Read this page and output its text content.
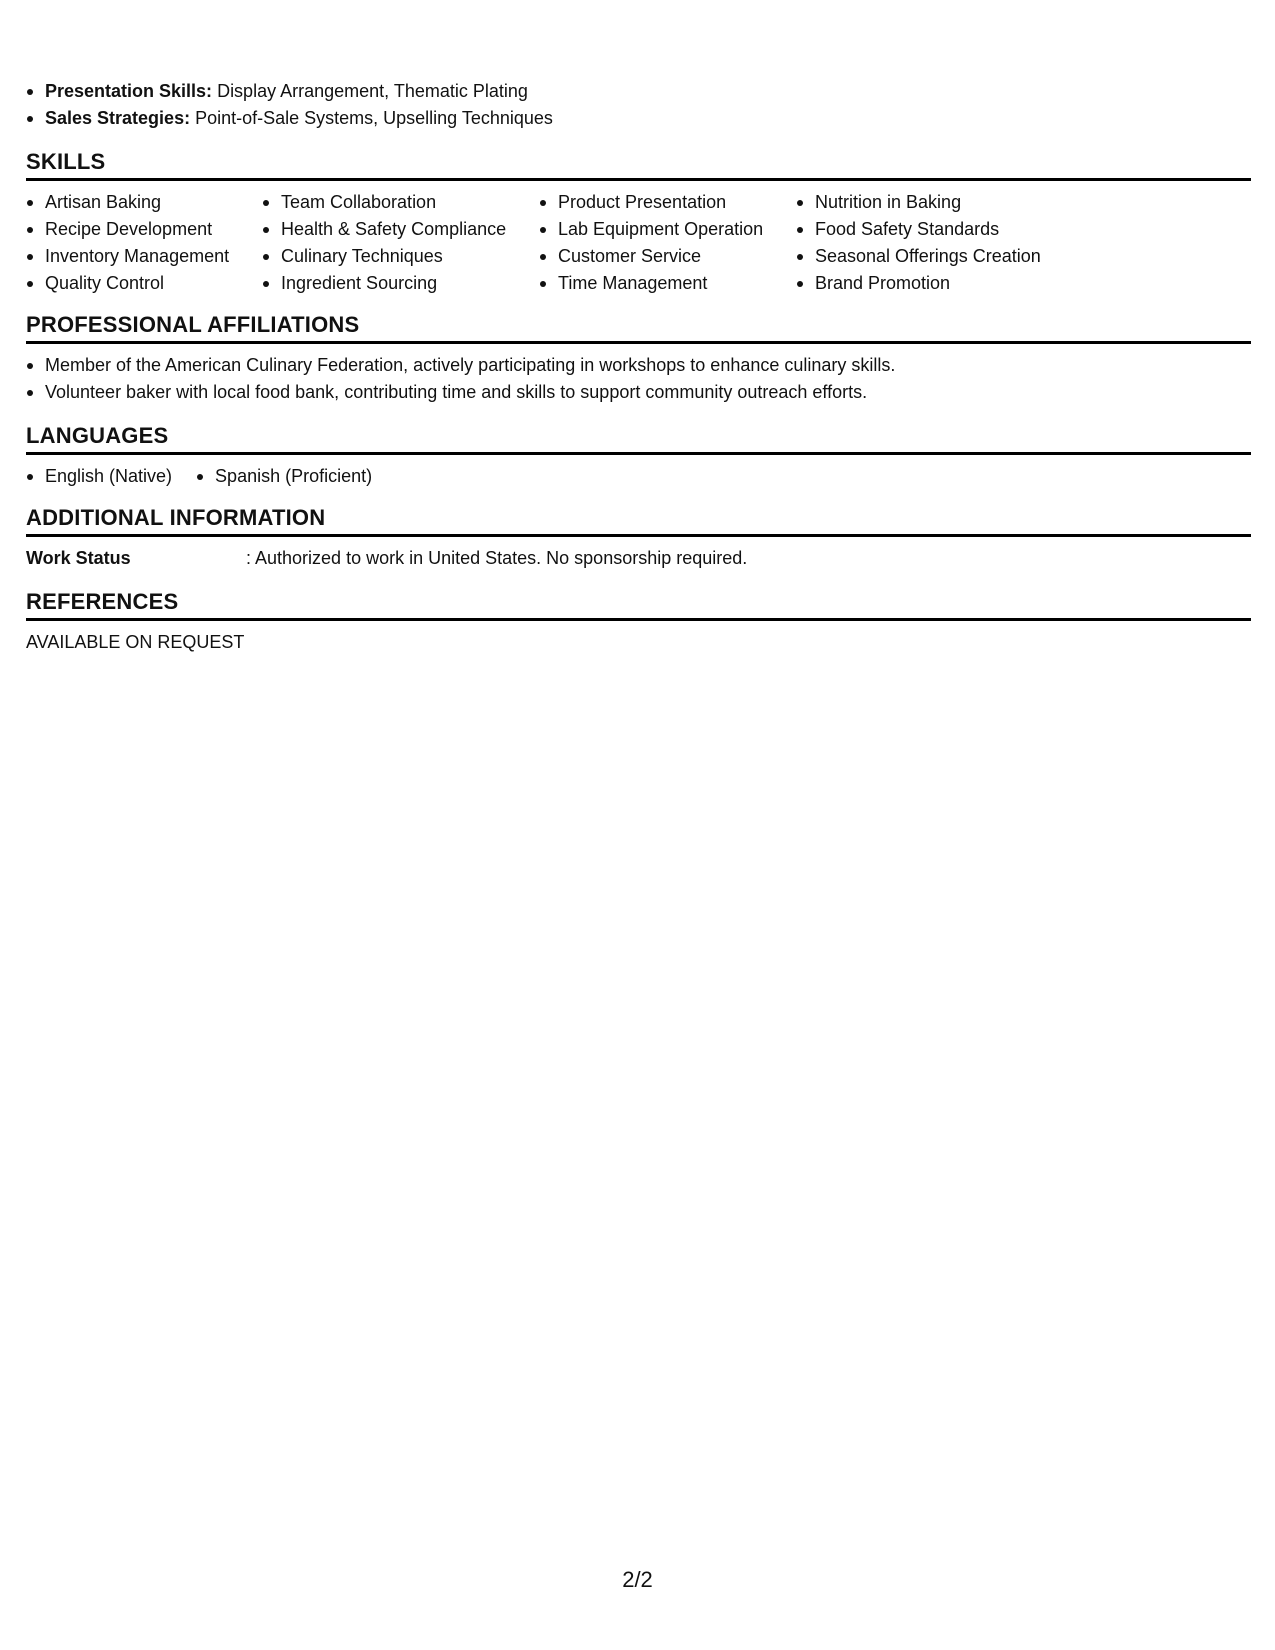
Presentation Skills: Display Arrangement, Thematic Plating
Sales Strategies: Point-of-Sale Systems, Upselling Techniques
SKILLS
Artisan Baking
Recipe Development
Inventory Management
Quality Control
Team Collaboration
Health & Safety Compliance
Culinary Techniques
Ingredient Sourcing
Product Presentation
Lab Equipment Operation
Customer Service
Time Management
Nutrition in Baking
Food Safety Standards
Seasonal Offerings Creation
Brand Promotion
PROFESSIONAL AFFILIATIONS
Member of the American Culinary Federation, actively participating in workshops to enhance culinary skills.
Volunteer baker with local food bank, contributing time and skills to support community outreach efforts.
LANGUAGES
English (Native)	Spanish (Proficient)
ADDITIONAL INFORMATION
Work Status	: Authorized to work in United States. No sponsorship required.
REFERENCES
AVAILABLE ON REQUEST
2/2
